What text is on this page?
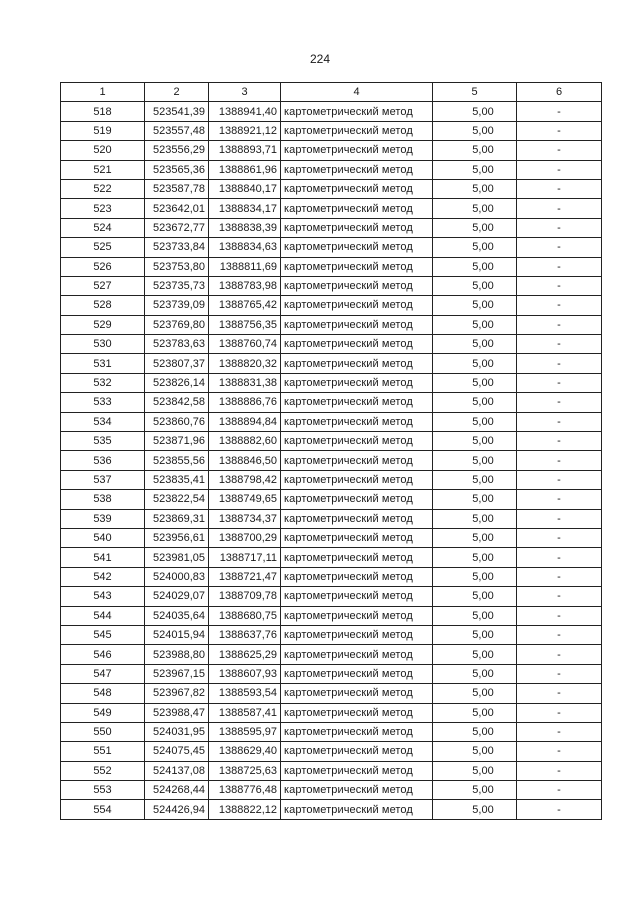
224
1	2	3	4	5	6
518	523541,39	1388941,40	картометрический метод	5,00	-
519	523557,48	1388921,12	картометрический метод	5,00	-
520	523556,29	1388893,71	картометрический метод	5,00	-
521	523565,36	1388861,96	картометрический метод	5,00	-
522	523587,78	1388840,17	картометрический метод	5,00	-
523	523642,01	1388834,17	картометрический метод	5,00	-
524	523672,77	1388838,39	картометрический метод	5,00	-
525	523733,84	1388834,63	картометрический метод	5,00	-
526	523753,80	1388811,69	картометрический метод	5,00	-
527	523735,73	1388783,98	картометрический метод	5,00	-
528	523739,09	1388765,42	картометрический метод	5,00	-
529	523769,80	1388756,35	картометрический метод	5,00	-
530	523783,63	1388760,74	картометрический метод	5,00	-
531	523807,37	1388820,32	картометрический метод	5,00	-
532	523826,14	1388831,38	картометрический метод	5,00	-
533	523842,58	1388886,76	картометрический метод	5,00	-
534	523860,76	1388894,84	картометрический метод	5,00	-
535	523871,96	1388882,60	картометрический метод	5,00	-
536	523855,56	1388846,50	картометрический метод	5,00	-
537	523835,41	1388798,42	картометрический метод	5,00	-
538	523822,54	1388749,65	картометрический метод	5,00	-
539	523869,31	1388734,37	картометрический метод	5,00	-
540	523956,61	1388700,29	картометрический метод	5,00	-
541	523981,05	1388717,11	картометрический метод	5,00	-
542	524000,83	1388721,47	картометрический метод	5,00	-
543	524029,07	1388709,78	картометрический метод	5,00	-
544	524035,64	1388680,75	картометрический метод	5,00	-
545	524015,94	1388637,76	картометрический метод	5,00	-
546	523988,80	1388625,29	картометрический метод	5,00	-
547	523967,15	1388607,93	картометрический метод	5,00	-
548	523967,82	1388593,54	картометрический метод	5,00	-
549	523988,47	1388587,41	картометрический метод	5,00	-
550	524031,95	1388595,97	картометрический метод	5,00	-
551	524075,45	1388629,40	картометрический метод	5,00	-
552	524137,08	1388725,63	картометрический метод	5,00	-
553	524268,44	1388776,48	картометрический метод	5,00	-
554	524426,94	1388822,12	картометрический метод	5,00	-
